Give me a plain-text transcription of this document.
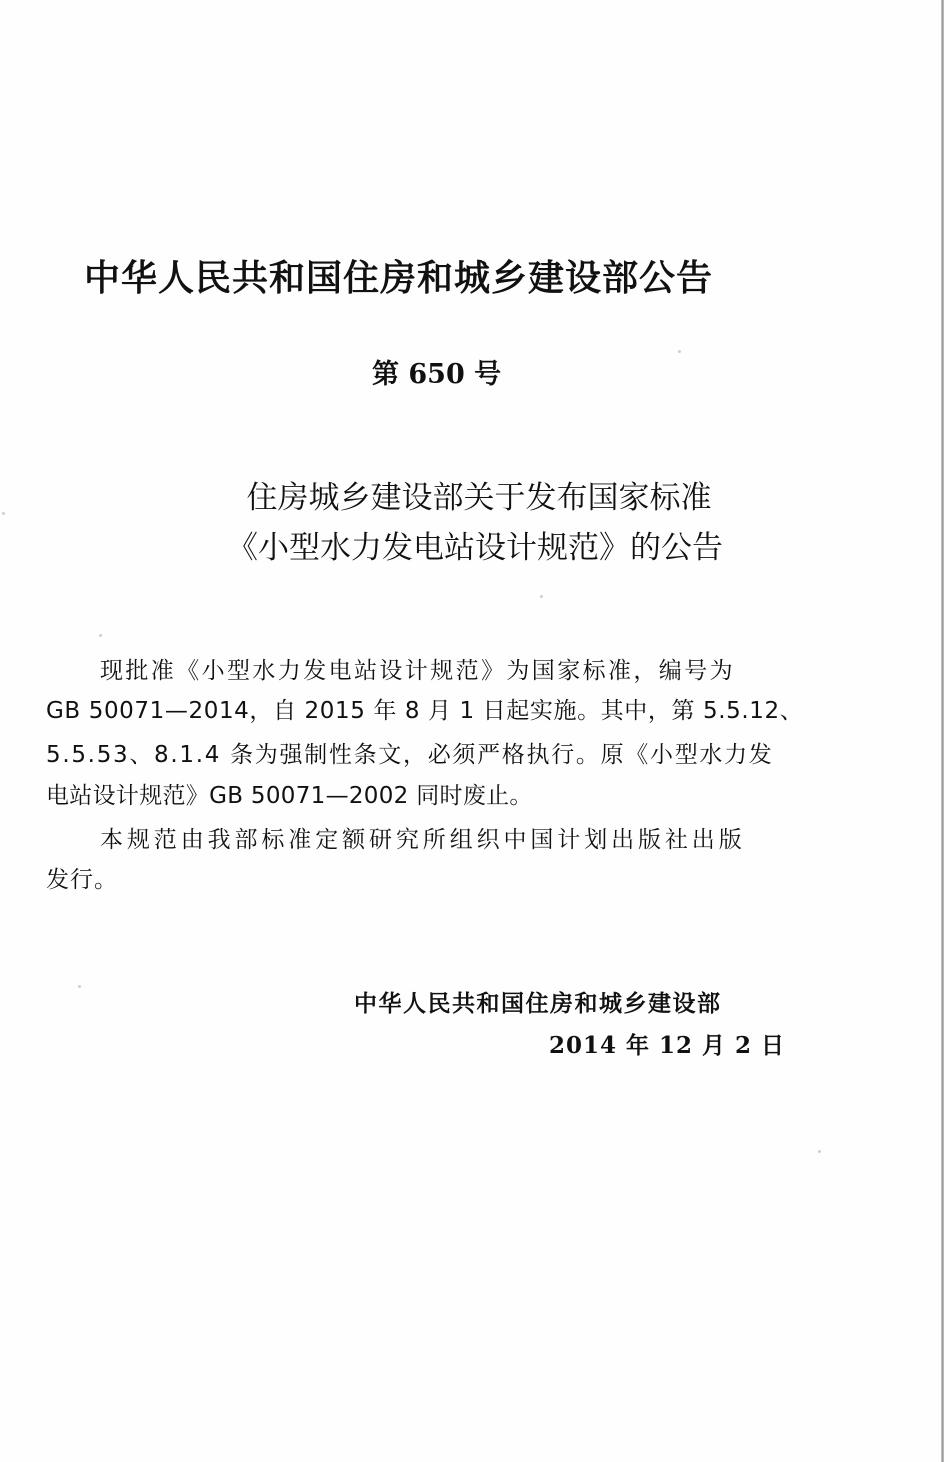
中华人民共和国住房和城乡建设部公告
第 650 号
住房城乡建设部关于发布国家标准
《小型水力发电站设计规范》的公告
现批准《小型水力发电站设计规范》为国家标准，编号为
GB 50071—2014，自 2015 年 8 月 1 日起实施。其中，第 5.5.12、
5.5.53、8.1.4 条为强制性条文，必须严格执行。原《小型水力发
电站设计规范》GB 50071—2002 同时废止。
本规范由我部标准定额研究所组织中国计划出版社出版
发行。
中华人民共和国住房和城乡建设部
2014 年 12 月 2 日
